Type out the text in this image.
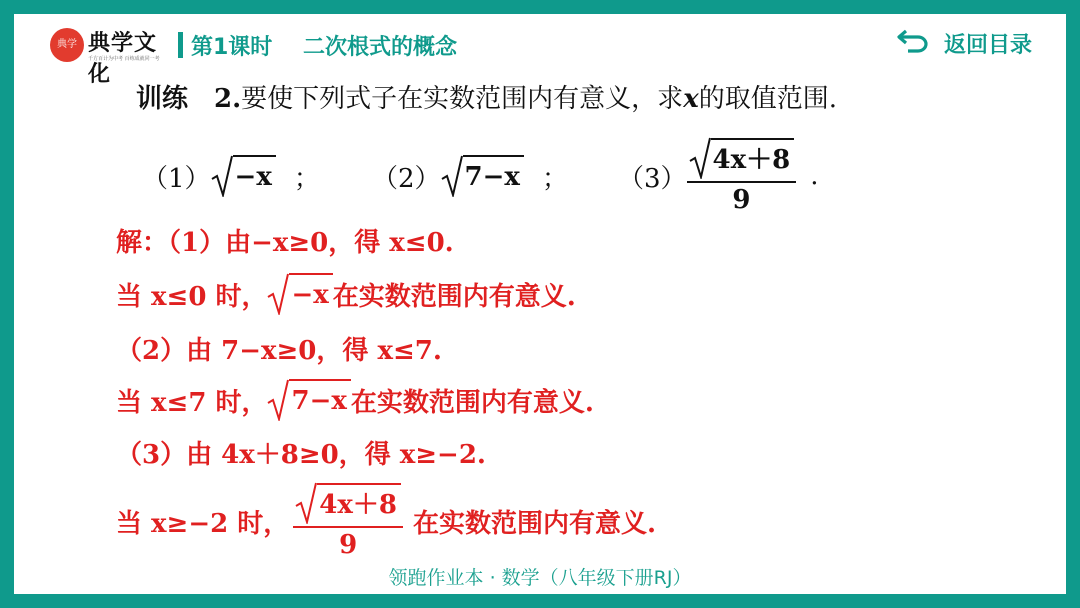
典学 典学文化
千方百计为中考 百练成就同一考 第1课时    二次根式的概念	返回目录
训练 2.要使下列式子在实数范围内有意义，求x的取值范围.
（1） −x ； （2） 7−x ； $(3) \frac{4x+8}{9}$ .
解：（1）由−x≥0，得 x≤0.
当 x≤0 时， −x 在实数范围内有意义.
（2）由 7−x≥0，得 x≤7.
当 x≤7 时， 7−x 在实数范围内有意义.
（3）由 4x＋8≥0，得 x≥−2.
当 x≥−2 时， $\frac{4x+8}{9}$ 在实数范围内有意义.
领跑作业本 · 数学（八年级下册RJ）
